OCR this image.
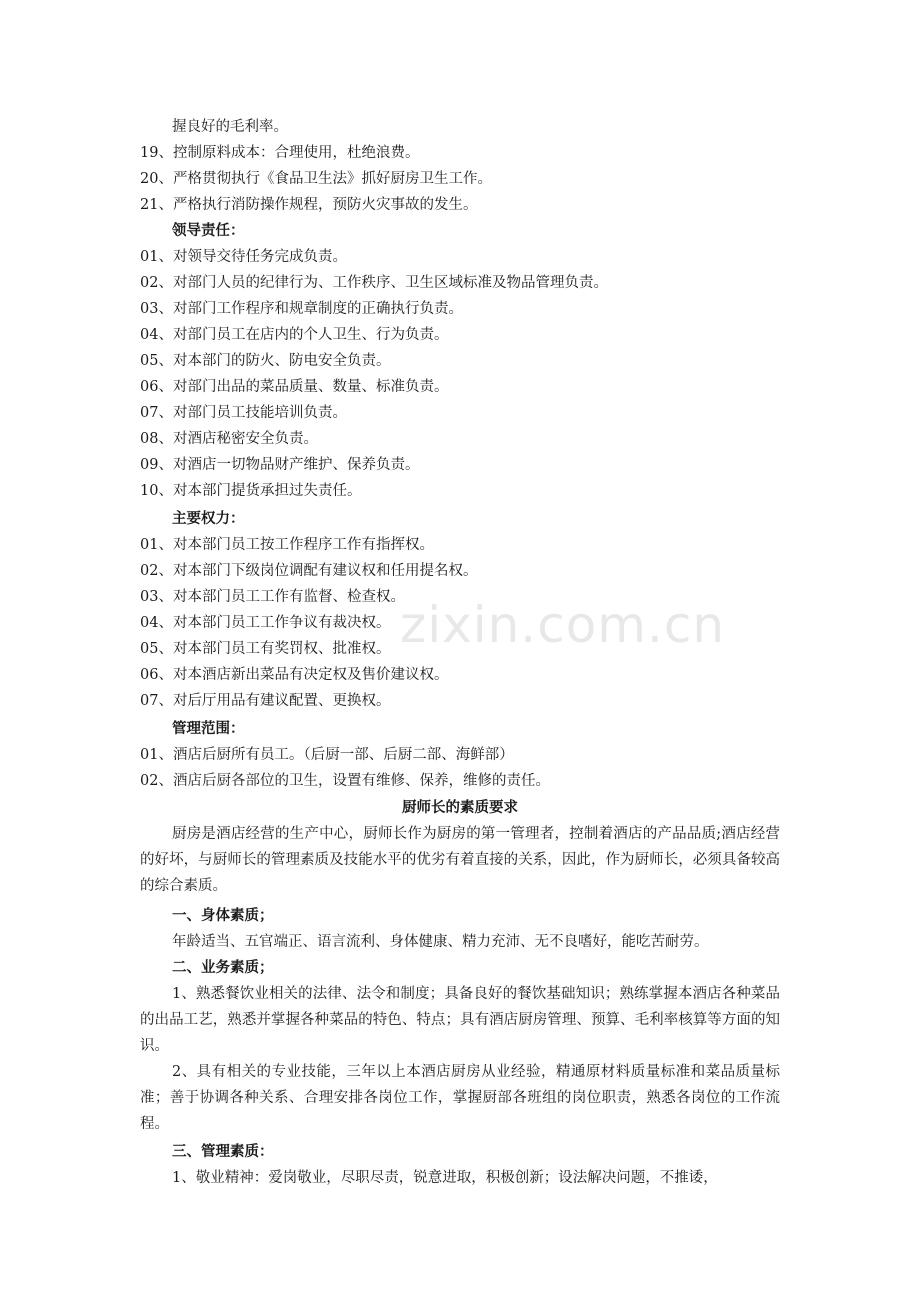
握良好的毛利率。
19、控制原料成本：合理使用，杜绝浪费。
20、严格贯彻执行《食品卫生法》抓好厨房卫生工作。
21、严格执行消防操作规程，预防火灾事故的发生。
领导责任：
01、对领导交待任务完成负责。
02、对部门人员的纪律行为、工作秩序、卫生区域标准及物品管理负责。
03、对部门工作程序和规章制度的正确执行负责。
04、对部门员工在店内的个人卫生、行为负责。
05、对本部门的防火、防电安全负责。
06、对部门出品的菜品质量、数量、标准负责。
07、对部门员工技能培训负责。
08、对酒店秘密安全负责。
09、对酒店一切物品财产维护、保养负责。
10、对本部门提货承担过失责任。
主要权力：
01、对本部门员工按工作程序工作有指挥权。
02、对本部门下级岗位调配有建议权和任用提名权。
03、对本部门员工工作有监督、检查权。
04、对本部门员工工作争议有裁决权。
05、对本部门员工有奖罚权、批准权。
06、对本酒店新出菜品有决定权及售价建议权。
07、对后厅用品有建议配置、更换权。
管理范围：
01、酒店后厨所有员工。（后厨一部、后厨二部、海鲜部）
02、酒店后厨各部位的卫生，设置有维修、保养，维修的责任。
厨师长的素质要求
厨房是酒店经营的生产中心，厨师长作为厨房的第一管理者，控制着酒店的产品品质;酒店经营的好坏，与厨师长的管理素质及技能水平的优劣有着直接的关系，因此，作为厨师长，必须具备较高的综合素质。
一、身体素质；
年龄适当、五官端正、语言流利、身体健康、精力充沛、无不良嗜好，能吃苦耐劳。
二、业务素质；
1、熟悉餐饮业相关的法律、法令和制度；具备良好的餐饮基础知识；熟练掌握本酒店各种菜品的出品工艺，熟悉并掌握各种菜品的特色、特点；具有酒店厨房管理、预算、毛利率核算等方面的知识。
2、具有相关的专业技能，三年以上本酒店厨房从业经验，精通原材料质量标准和菜品质量标准；善于协调各种关系、合理安排各岗位工作，掌握厨部各班组的岗位职责，熟悉各岗位的工作流程。
三、管理素质：
1、敬业精神：爱岗敬业，尽职尽责，锐意进取，积极创新；设法解决问题，不推诿，
zixin.com.cn
